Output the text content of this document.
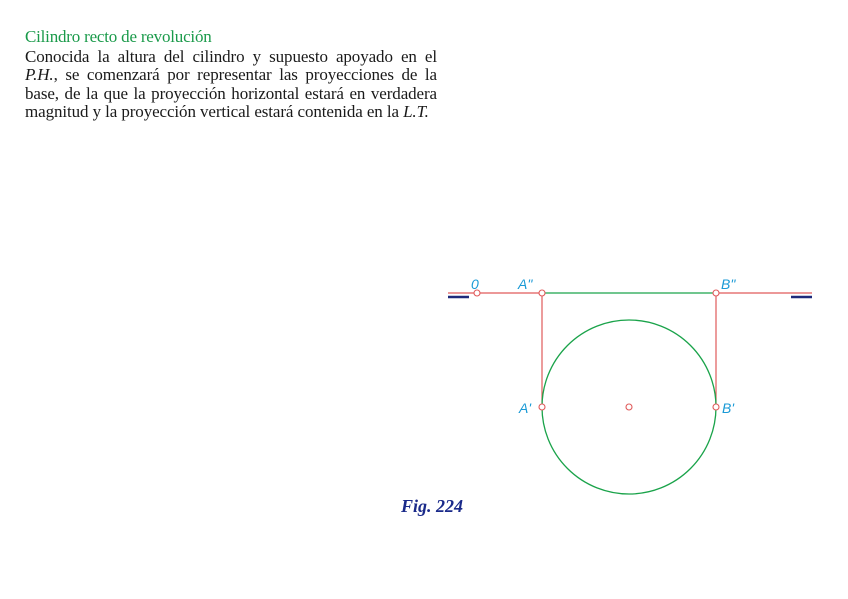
Cilindro recto de revolución

Conocida la altura del cilindro y supuesto apoyado en el P.H., se comenzará por representar las proyecciones de la base, de la que la proyección horizontal estará en verdadera magnitud y la proyección vertical estará contenida en la L.T.

0	A"	B"
A'	B'

Fig. 224
